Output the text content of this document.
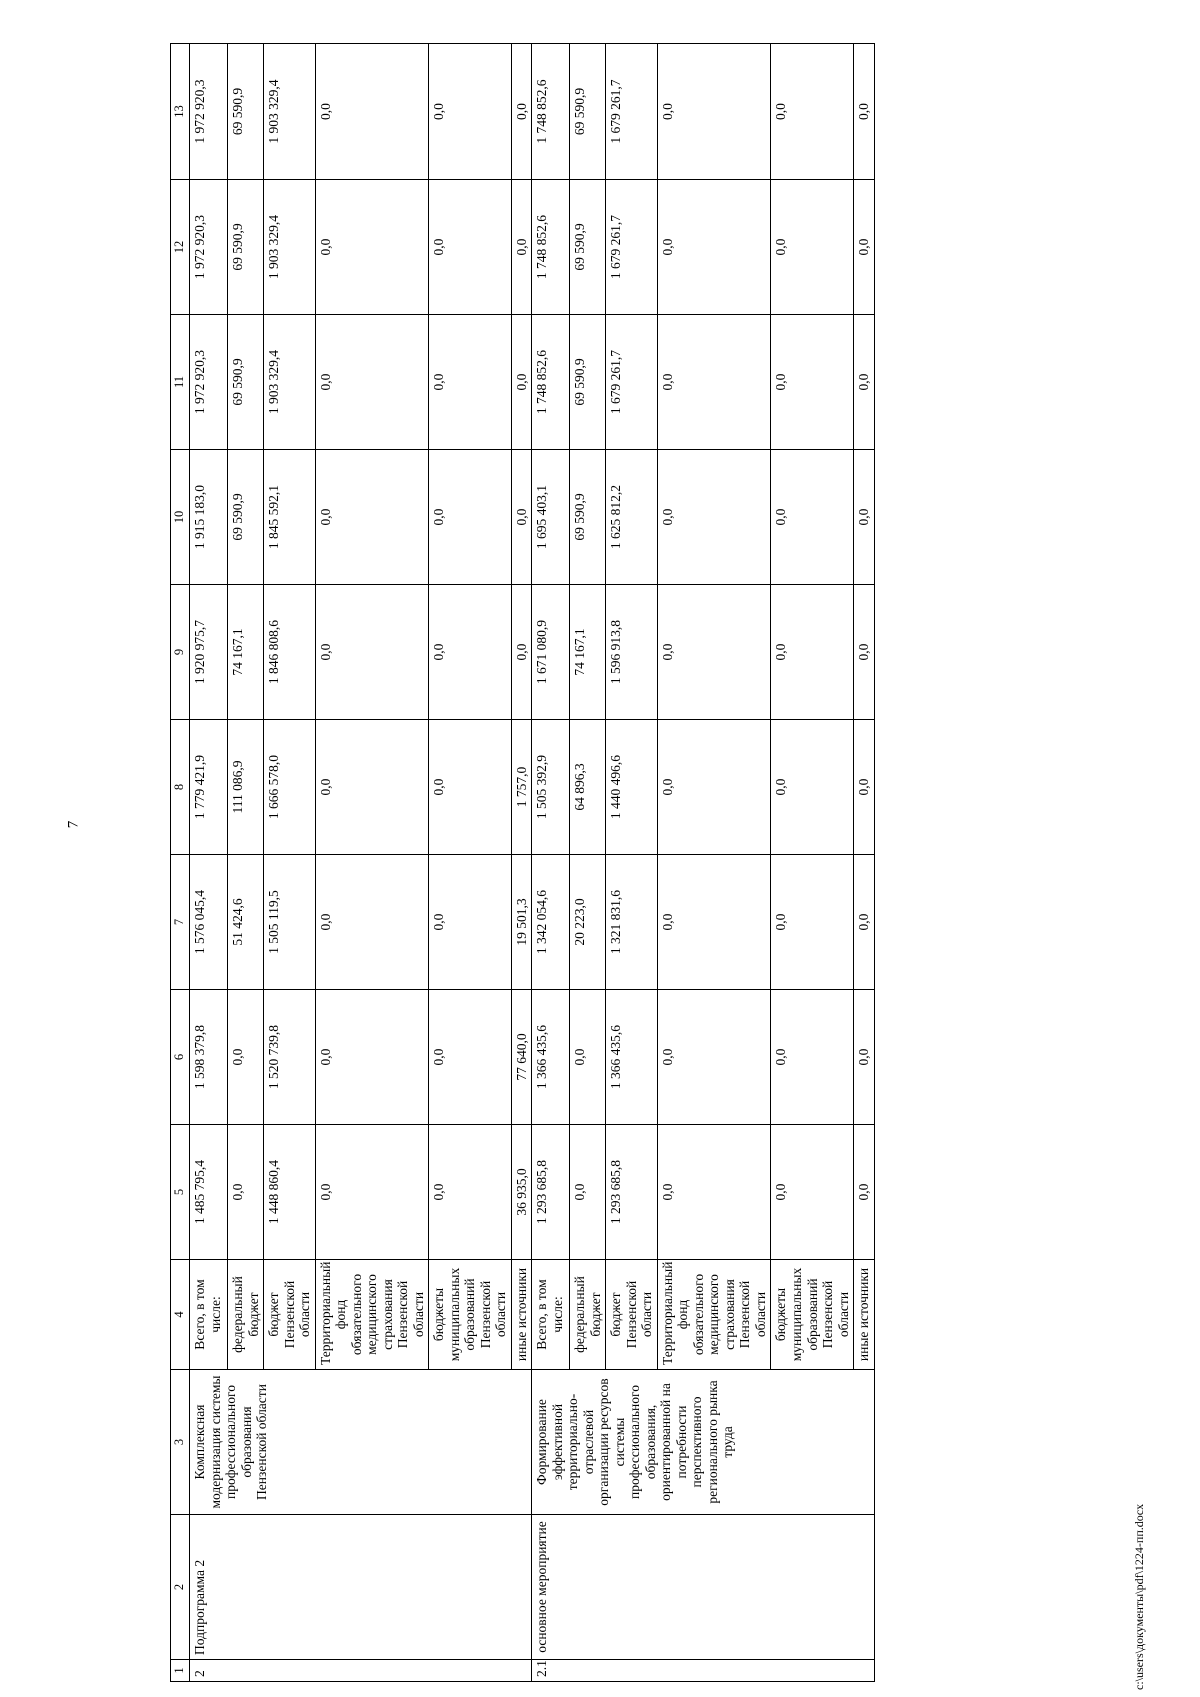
7
1	2	3	4	5	6	7	8	9	10	11	12	13
2	Подпрограмма 2	Комплексная модернизация системы профессионального образования Пензенской области	Всего, в том числе:	1 485 795,4	1 598 379,8	1 576 045,4	1 779 421,9	1 920 975,7	1 915 183,0	1 972 920,3	1 972 920,3	1 972 920,3
			федеральный бюджет	0,0	0,0	51 424,6	111 086,9	74 167,1	69 590,9	69 590,9	69 590,9	69 590,9
			бюджет Пензенской области	1 448 860,4	1 520 739,8	1 505 119,5	1 666 578,0	1 846 808,6	1 845 592,1	1 903 329,4	1 903 329,4	1 903 329,4
			Территориальный фонд обязательного медицинского страхования Пензенской области	0,0	0,0	0,0	0,0	0,0	0,0	0,0	0,0	0,0
			бюджеты муниципальных образований Пензенской области	0,0	0,0	0,0	0,0	0,0	0,0	0,0	0,0	0,0
			иные источники	36 935,0	77 640,0	19 501,3	1 757,0	0,0	0,0	0,0	0,0	0,0
2.1	основное мероприятие	Формирование эффективной территориально-отраслевой организации ресурсов системы профессионального образования, ориентированной на потребности перспективного регионального рынка труда	Всего, в том числе:	1 293 685,8	1 366 435,6	1 342 054,6	1 505 392,9	1 671 080,9	1 695 403,1	1 748 852,6	1 748 852,6	1 748 852,6
			федеральный бюджет	0,0	0,0	20 223,0	64 896,3	74 167,1	69 590,9	69 590,9	69 590,9	69 590,9
			бюджет Пензенской области	1 293 685,8	1 366 435,6	1 321 831,6	1 440 496,6	1 596 913,8	1 625 812,2	1 679 261,7	1 679 261,7	1 679 261,7
			Территориальный фонд обязательного медицинского страхования Пензенской области	0,0	0,0	0,0	0,0	0,0	0,0	0,0	0,0	0,0
			бюджеты муниципальных образований Пензенской области	0,0	0,0	0,0	0,0	0,0	0,0	0,0	0,0	0,0
			иные источники	0,0	0,0	0,0	0,0	0,0	0,0	0,0	0,0	0,0
c:\users\документы\pdf\1224-пп.docx
